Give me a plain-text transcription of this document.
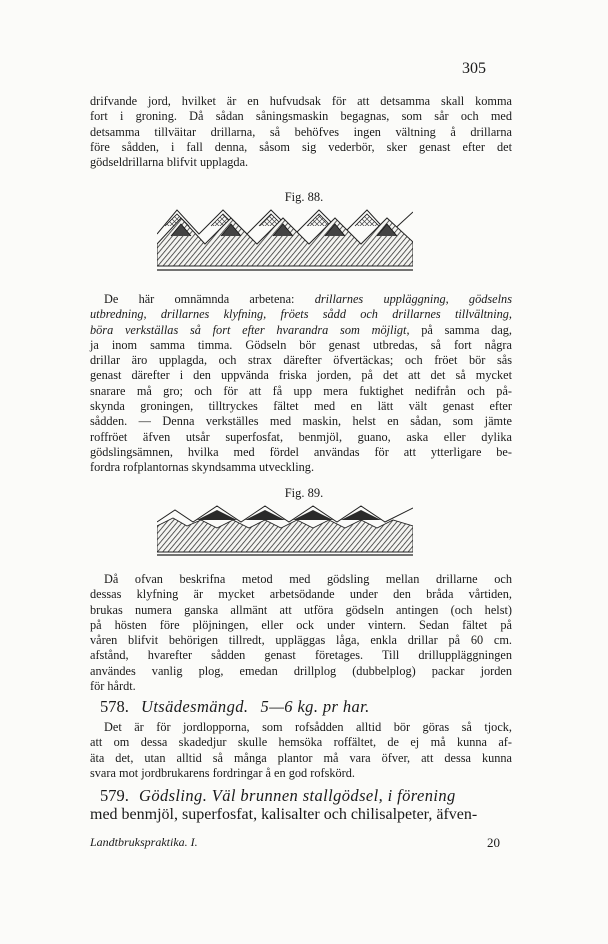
305
drifvande jord, hvilket är en hufvudsak för att detsamma skall komma
fort i groning. Då sådan såningsmaskin begagnas, som sår och med
detsamma tillväitar drillarna, så behöfves ingen vältning å drillarna
före sådden, i fall denna, såsom sig vederbör, sker genast efter det
gödseldrillarna blifvit upplagda.
Fig. 88.
De här omnämnda arbetena: drillarnes uppläggning, gödselns
utbredning, drillarnes klyfning, fröets sådd och drillarnes tillvältning,
böra verkställas så fort efter hvarandra som möjligt, på samma dag,
ja inom samma timma. Gödseln bör genast utbredas, så fort några
drillar äro upplagda, och strax därefter öfvertäckas; och fröet bör sås
genast därefter i den uppvända friska jorden, på det att det så mycket
snarare må gro; och för att få upp mera fuktighet nedifrån och på-
skynda groningen, tilltryckes fältet med en lätt vält genast efter
sådden. — Denna verkställes med maskin, helst en sådan, som jämte
roffröet äfven utsår superfosfat, benmjöl, guano, aska eller dylika
gödslingsämnen, hvilka med fördel användas för att ytterligare be-
fordra rofplantornas skyndsamma utveckling.
Fig. 89.
Då ofvan beskrifna metod med gödsling mellan drillarne och
dessas klyfning är mycket arbetsödande under den bråda vårtiden,
brukas numera ganska allmänt att utföra gödseln antingen (och helst)
på hösten före plöjningen, eller ock under vintern. Sedan fältet på
våren blifvit behörigen tillredt, uppläggas låga, enkla drillar på 60 cm.
afstånd, hvarefter sådden genast företages. Till drilluppläggningen
användes vanlig plog, emedan drillplog (dubbelplog) packar jorden
för hårdt.
578. Utsädesmängd. 5—6 kg. pr har.
Det är för jordlopporna, som rofsådden alltid bör göras så tjock,
att om dessa skadedjur skulle hemsöka roffältet, de ej må kunna af-
äta det, utan alltid så många plantor må vara öfver, att dessa kunna
svara mot jordbrukarens fordringar å en god rofskörd.
579. Gödsling. Väl brunnen stallgödsel, i förening
med benmjöl, superfosfat, kalisalter och chilisalpeter, äfven-
Landtbrukspraktika. I.	20
